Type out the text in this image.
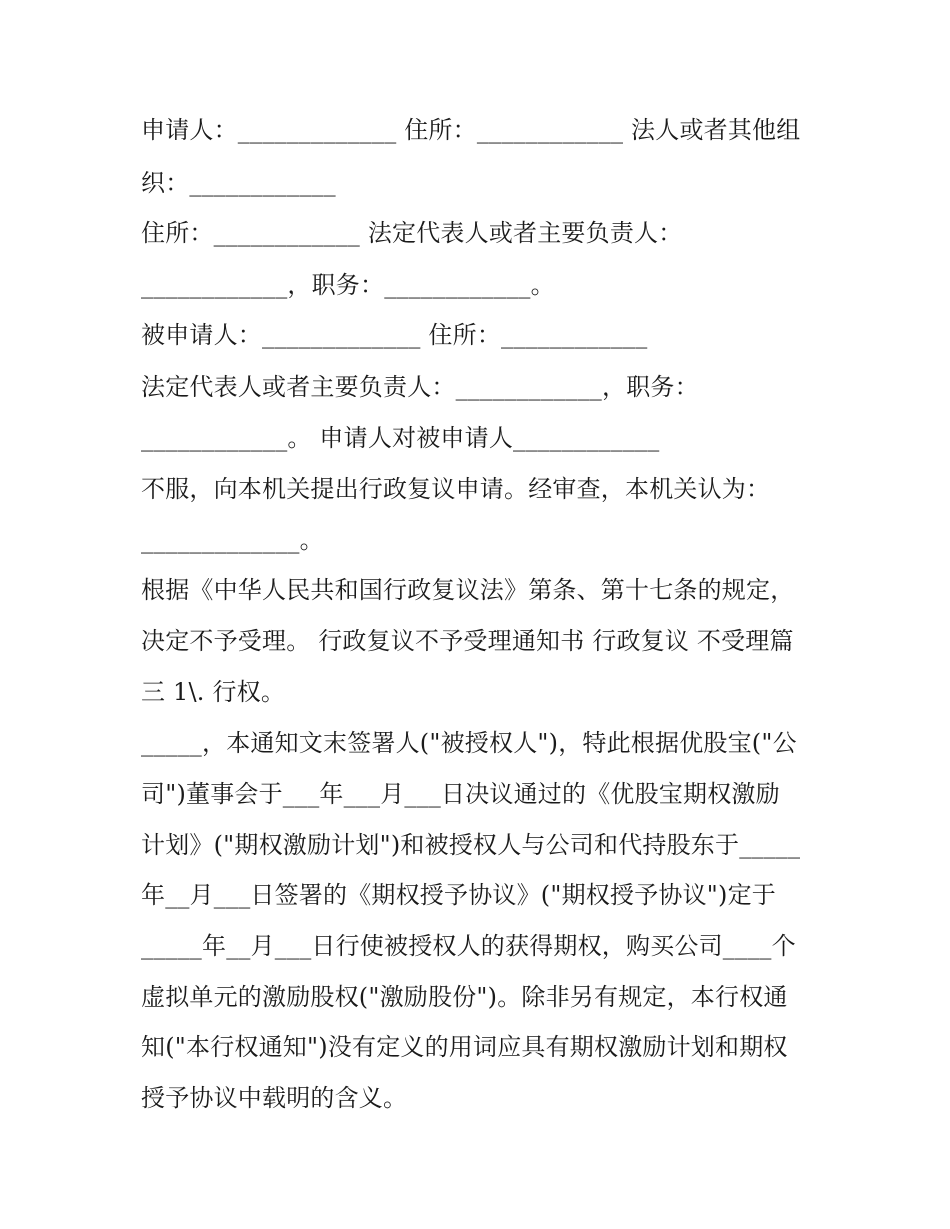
申请人：_____________ 住所：____________ 法人或者其他组
织：____________
住所：____________ 法定代表人或者主要负责人：
____________，职务：____________。
被申请人：_____________ 住所：____________
法定代表人或者主要负责人：____________，职务：
____________。 申请人对被申请人____________
不服，向本机关提出行政复议申请。经审查，本机关认为：
_____________。
根据《中华人民共和国行政复议法》第条、第十七条的规定，
决定不予受理。 行政复议不予受理通知书 行政复议 不受理篇
三 1\. 行权。
_____，本通知文末签署人("被授权人")，特此根据优股宝("公
司")董事会于___年___月___日决议通过的《优股宝期权激励
计划》("期权激励计划")和被授权人与公司和代持股东于_____
年__月___日签署的《期权授予协议》("期权授予协议")定于
_____年__月___日行使被授权人的获得期权，购买公司____个
虚拟单元的激励股权("激励股份")。除非另有规定，本行权通
知("本行权通知")没有定义的用词应具有期权激励计划和期权
授予协议中载明的含义。
